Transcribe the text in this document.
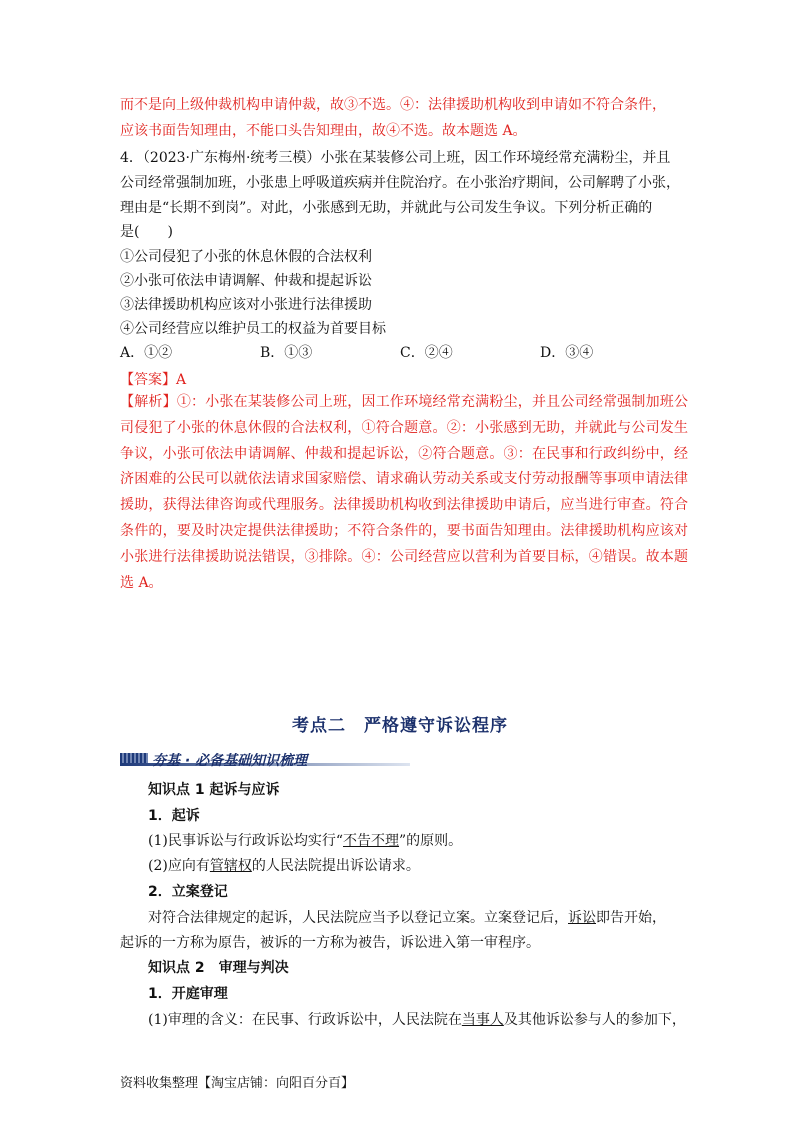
而不是向上级仲裁机构申请仲裁，故③不选。④：法律援助机构收到申请如不符合条件，
应该书面告知理由，不能口头告知理由，故④不选。故本题选 A。
4．（2023·广东梅州·统考三模）小张在某装修公司上班，因工作环境经常充满粉尘，并且
公司经常强制加班，小张患上呼吸道疾病并住院治疗。在小张治疗期间，公司解聘了小张，
理由是“长期不到岗”。对此，小张感到无助，并就此与公司发生争议。下列分析正确的
是(　　)
①公司侵犯了小张的休息休假的合法权利
②小张可依法申请调解、仲裁和提起诉讼
③法律援助机构应该对小张进行法律援助
④公司经营应以维护员工的权益为首要目标
A．①②	B．①③	C．②④	D．③④
【答案】A

【解析】①：小张在某装修公司上班，因工作环境经常充满粉尘，并且公司经常强制加班公司侵犯了小张的休息休假的合法权利，①符合题意。②：小张感到无助，并就此与公司发生争议，小张可依法申请调解、仲裁和提起诉讼，②符合题意。③：在民事和行政纠纷中，经济困难的公民可以就依法请求国家赔偿、请求确认劳动关系或支付劳动报酬等事项申请法律援助，获得法律咨询或代理服务。法律援助机构收到法律援助申请后，应当进行审查。符合条件的，要及时决定提供法律援助；不符合条件的，要书面告知理由。法律援助机构应该对小张进行法律援助说法错误，③排除。④：公司经营应以营利为首要目标，④错误。故本题选 A。

考点二　严格遵守诉讼程序
夯基 · 必备基础知识梳理
知识点 1 起诉与应诉
1．起诉
(1)民事诉讼与行政诉讼均实行“不告不理”的原则。
(2)应向有管辖权的人民法院提出诉讼请求。
2．立案登记
对符合法律规定的起诉，人民法院应当予以登记立案。立案登记后，诉讼即告开始，
起诉的一方称为原告，被诉的一方称为被告，诉讼进入第一审程序。
知识点 2　审理与判决
1．开庭审理
(1)审理的含义：在民事、行政诉讼中，人民法院在当事人及其他诉讼参与人的参加下，
资料收集整理【淘宝店铺：向阳百分百】
